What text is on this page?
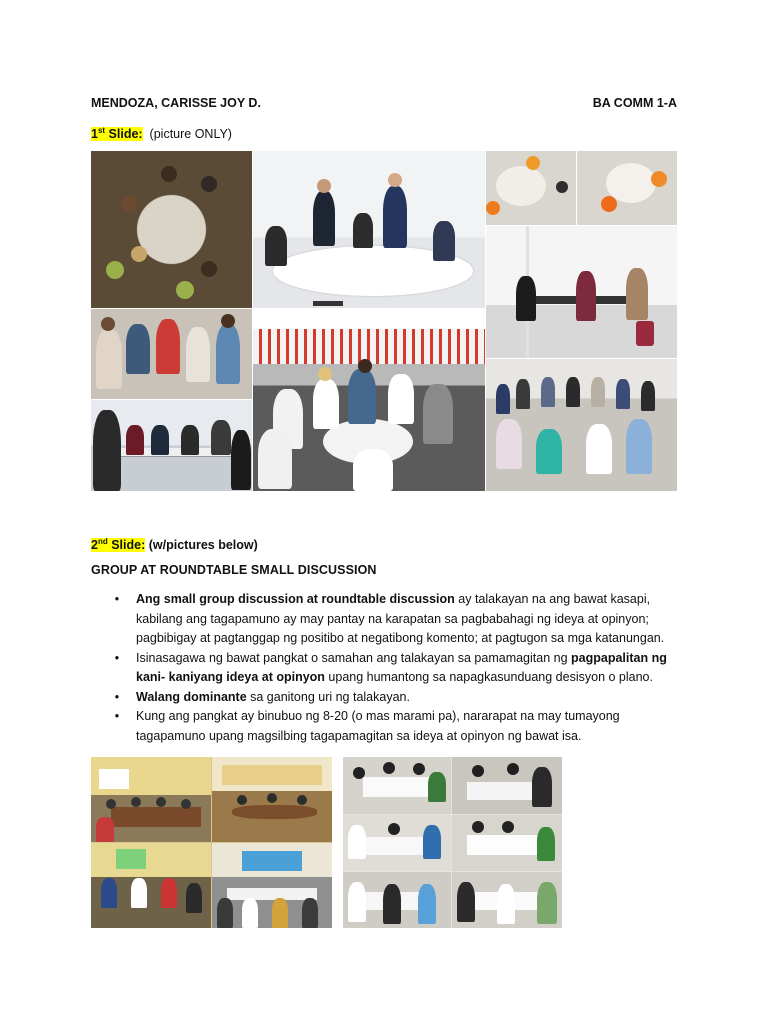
MENDOZA, CARISSE JOY D.	BA COMM 1-A
1st Slide: (picture ONLY)
2nd Slide: (w/pictures below)
GROUP AT ROUNDTABLE SMALL DISCUSSION
• Ang small group discussion at roundtable discussion ay talakayan na ang bawat kasapi, kabilang ang tagapamuno ay may pantay na karapatan sa pagbabahagi ng ideya at opinyon; pagbibigay at pagtanggap ng positibo at negatibong komento; at pagtugon sa mga katanungan.
• Isinasagawa ng bawat pangkat o samahan ang talakayan sa pamamagitan ng pagpapalitan ng kani- kaniyang ideya at opinyon upang humantong sa napagkasunduang desisyon o plano.
• Walang dominante sa ganitong uri ng talakayan.
• Kung ang pangkat ay binubuo ng 8-20 (o mas marami pa), nararapat na may tumayong tagapamuno upang magsilbing tagapamagitan sa ideya at opinyon ng bawat isa.
